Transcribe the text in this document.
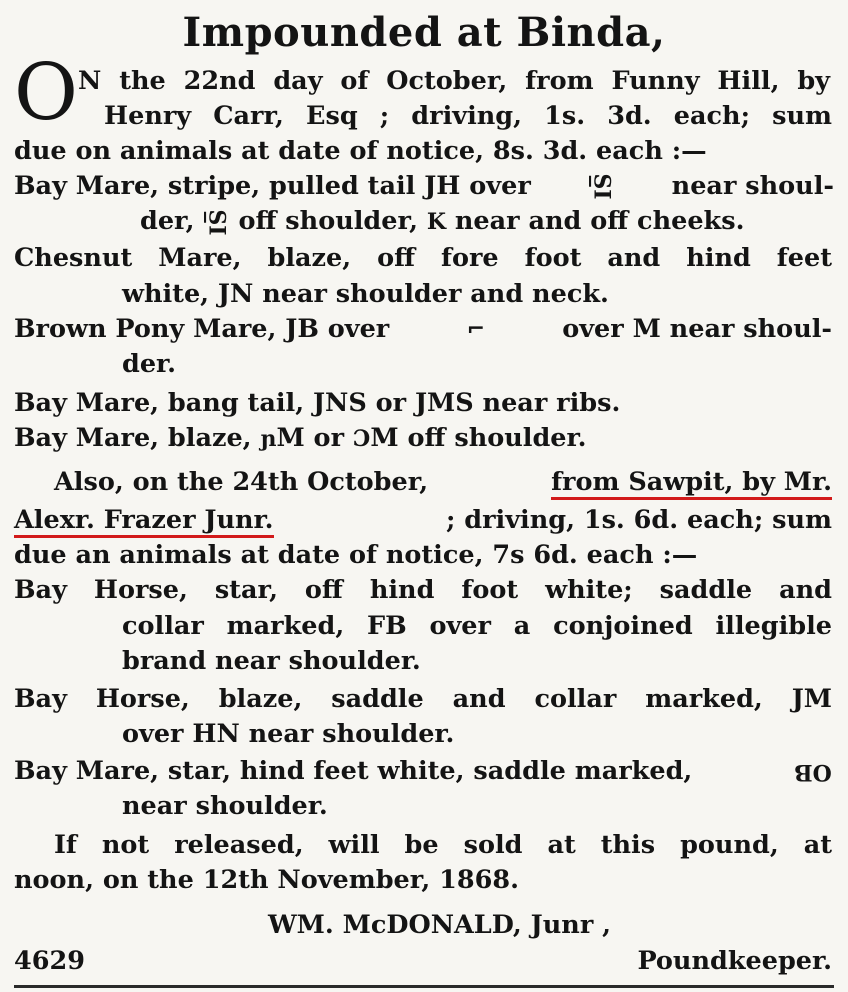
Impounded at Binda,
O N the 22nd day of October, from Funny Hill, by
Henry Carr, Esq ; driving, 1s. 3d. each; sum
due on animals at date of notice, 8s. 3d. each :—
Bay Mare, stripe, pulled tail JH over	S̲I near shoul-
der, S̲I off shoulder, K near and off cheeks.
Chesnut Mare, blaze, off fore foot and hind feet
white, JN near shoulder and neck.
Brown Pony Mare, JB over	⌐	over M near shoul-
der.
Bay Mare, bang tail, JNS or JMS near ribs.
Bay Mare, blaze, ɲM or ƆM off shoulder.
Also, on the 24th October,	from Sawpit, by Mr.
Alexr. Frazer Junr.	; driving, 1s. 6d. each; sum
due an animals at date of notice, 7s 6d. each :—
Bay Horse, star, off hind foot white; saddle and
collar marked, FB over a conjoined illegible
brand near shoulder.
Bay Horse, blaze, saddle and collar marked, JM
over HN near shoulder.
Bay Mare, star, hind feet white, saddle marked,	OB
near shoulder.
If not released, will be sold at this pound, at
noon, on the 12th November, 1868.
WM. McDONALD, Junr ,
4629	Poundkeeper.
